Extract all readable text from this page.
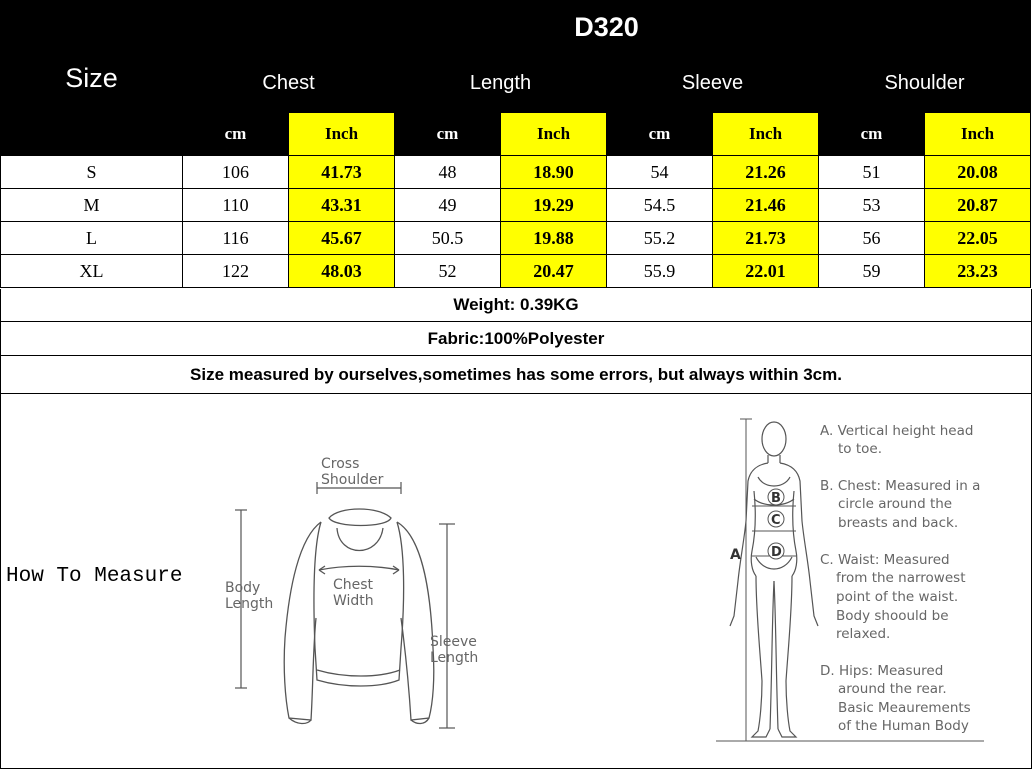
Size	D320							
	Chest		Length		Sleeve		Shoulder	
	cm	Inch	cm	Inch	cm	Inch	cm	Inch
S	106	41.73	48	18.90	54	21.26	51	20.08
M	110	43.31	49	19.29	54.5	21.46	53	20.87
L	116	45.67	50.5	19.88	55.2	21.73	56	22.05
XL	122	48.03	52	20.47	55.9	22.01	59	23.23
Weight: 0.39KG
Fabric:100%Polyester
Size measured by ourselves,sometimes has some errors, but always within 3cm.
How To Measure
Cross
Shoulder
Body
Length
Chest
Width
Sleeve
Length
A
B
C
D
A. Vertical height head
to toe.
B. Chest: Measured in a
circle around the
breasts and back.
C. Waist: Measured
from the narrowest
point of the waist.
Body shoould be
relaxed.
D. Hips: Measured
around the rear.
Basic Meaurements
of the Human Body
